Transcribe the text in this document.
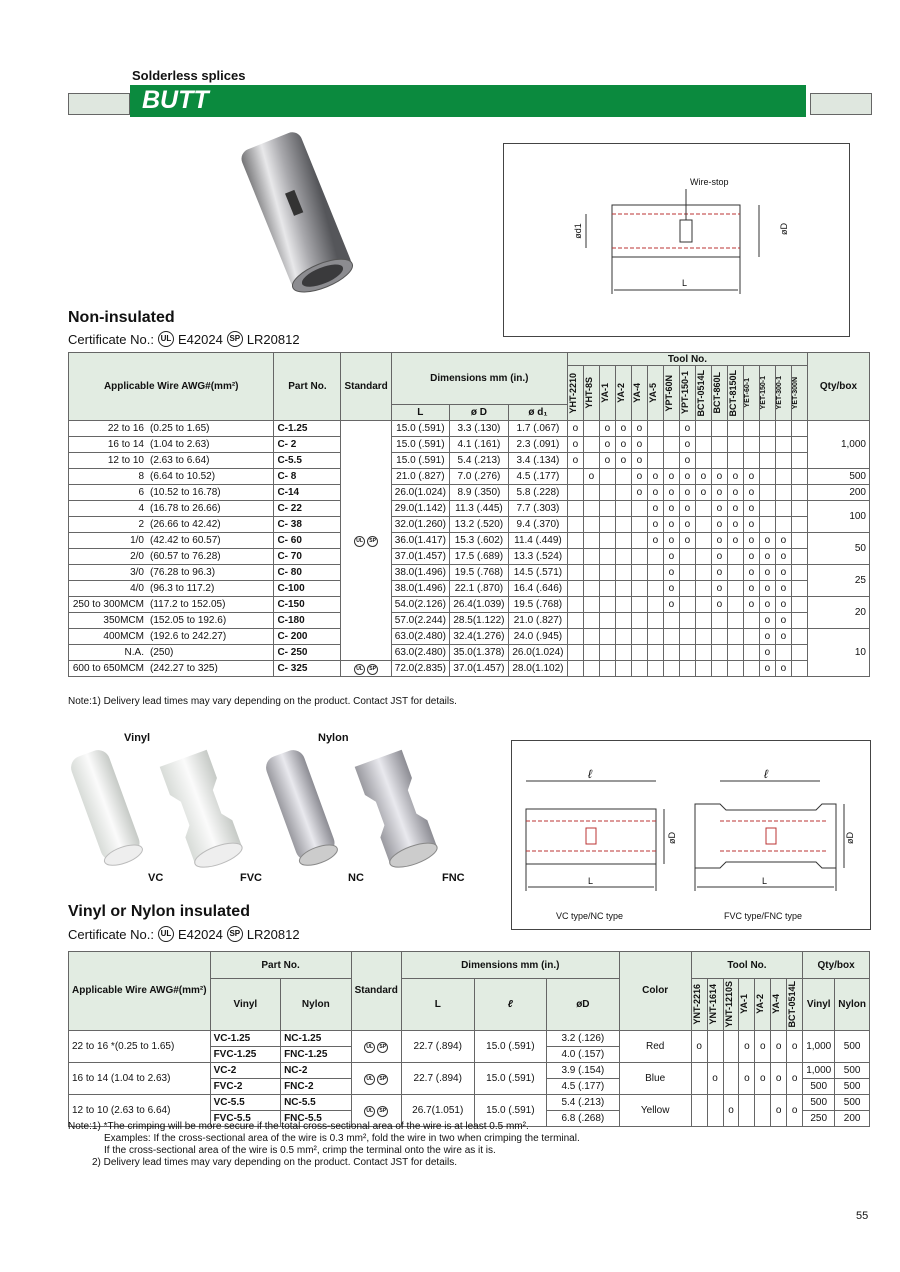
Solderless splices
BUTT
Wire-stop
ød1	øD
L
Non-insulated
Certificate No.: UL E42024 SP LR20812
Applicable Wire AWG#(mm²)		Part No.	Standard	Dimensions mm (in.)			Tool No.															Qty/box

							YHT-2210	YHT-8S	YA-1	YA-2	YA-4	YA-5	YPT-60N	YPT-150-1	BCT-0514L	BCT-860L	BCT-8150L	YET-60-1	YET-150-1	YET-300-1	YET-300N	

				L	ø D	ø d₁																
22 to 16	(0.25 to 1.65)	C-1.25	UL SP	15.0 (.591)	3.3 (.130)	1.7 (.067)	o		o	o	o			o								1,000
16 to 14	(1.04 to 2.63)	C- 2		15.0 (.591)	4.1 (.161)	2.3 (.091)	o		o	o	o			o								
12 to 10	(2.63 to 6.64)	C-5.5		15.0 (.591)	5.4 (.213)	3.4 (.134)	o		o	o	o			o								
8	(6.64 to 10.52)	C- 8		21.0 (.827)	7.0 (.276)	4.5 (.177)		o			o	o	o	o	o	o	o	o				500
6	(10.52 to 16.78)	C-14		26.0(1.024)	8.9 (.350)	5.8 (.228)					o	o	o	o	o	o	o	o				200
4	(16.78 to 26.66)	C- 22		29.0(1.142)	11.3 (.445)	7.7 (.303)						o	o	o		o	o	o				100
2	(26.66 to 42.42)	C- 38		32.0(1.260)	13.2 (.520)	9.4 (.370)						o	o	o		o	o	o				
1/0	(42.42 to 60.57)	C- 60		36.0(1.417)	15.3 (.602)	11.4 (.449)						o	o	o		o	o	o	o	o		50
2/0	(60.57 to 76.28)	C- 70		37.0(1.457)	17.5 (.689)	13.3 (.524)							o			o		o	o	o		
3/0	(76.28 to 96.3)	C- 80		38.0(1.496)	19.5 (.768)	14.5 (.571)							o			o		o	o	o		25
4/0	(96.3 to 117.2)	C-100		38.0(1.496)	22.1 (.870)	16.4 (.646)							o			o		o	o	o		
250 to 300MCM	(117.2 to 152.05)	C-150		54.0(2.126)	26.4(1.039)	19.5 (.768)							o			o		o	o	o		20
350MCM	(152.05 to 192.6)	C-180		57.0(2.244)	28.5(1.122)	21.0 (.827)													o	o		
400MCM	(192.6 to 242.27)	C- 200		63.0(2.480)	32.4(1.276)	24.0 (.945)													o	o		10
N.A.	(250)	C- 250		63.0(2.480)	35.0(1.378)	26.0(1.024)													o			
600 to 650MCM	(242.27 to 325)	C- 325	UL SP	72.0(2.835)	37.0(1.457)	28.0(1.102)													o	o		
Note:1) Delivery lead times may vary depending on the product. Contact JST for details.
Vinyl	Nylon
VC	FVC	NC	FNC
ℓ	ℓ
øD	øD
L	L
VC type/NC type	FVC type/FNC type
Vinyl or Nylon insulated
Certificate No.: UL E42024 SP LR20812
Applicable Wire AWG#(mm²)	Part No.		Standard	Dimensions mm (in.)			Color	Tool No.							Qty/box	
	Vinyl	Nylon		L	ℓ	øD		YNT-2216	YNT-1614	YNT-1210S	YA-1	YA-2	YA-4	BCT-0514L	Vinyl	Nylon
22 to 16 *(0.25 to 1.65)	VC-1.25	NC-1.25	UL SP	22.7 (.894)	15.0 (.591)	3.2 (.126)	Red	o			o	o	o	o	1,000	500
	FVC-1.25	FNC-1.25				4.0 (.157)										
16 to 14 (1.04 to 2.63)	VC-2	NC-2	UL SP	22.7 (.894)	15.0 (.591)	3.9 (.154)	Blue		o		o	o	o	o	1,000	500
	FVC-2	FNC-2				4.5 (.177)									500	500
12 to 10 (2.63 to 6.64)	VC-5.5	NC-5.5	UL SP	26.7(1.051)	15.0 (.591)	5.4 (.213)	Yellow			o			o	o	500	500
	FVC-5.5	FNC-5.5				6.8 (.268)									250	200
Note:1) *The crimping will be more secure if the total cross-sectional area of the wire is at least 0.5 mm².
Examples: If the cross-sectional area of the wire is 0.3 mm², fold the wire in two when crimping the terminal.
If the cross-sectional area of the wire is 0.5 mm², crimp the terminal onto the wire as it is.
2) Delivery lead times may vary depending on the product. Contact JST for details.
55
